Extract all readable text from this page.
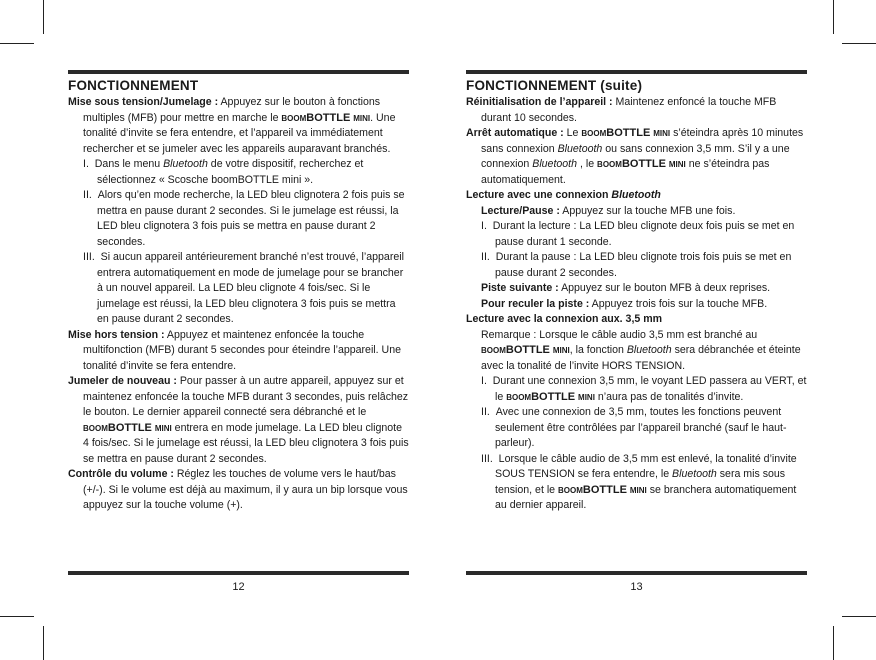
FONCTIONNEMENT

Mise sous tension/Jumelage : Appuyez sur le bouton à fonctions multiples (MFB) pour mettre en marche le BOOMBOTTLE MINI. Une tonalité d’invite se fera entendre, et l’appareil va immédiatement rechercher et se jumeler avec les appareils auparavant branchés.

I. Dans le menu Bluetooth de votre dispositif, recherchez et sélectionnez « Scosche boomBOTTLE mini ».

II. Alors qu’en mode recherche, la LED bleu clignotera 2 fois puis se mettra en pause durant 2 secondes. Si le jumelage est réussi, la LED bleu clignotera 3 fois puis se mettra en pause durant 2 secondes.

III. Si aucun appareil antérieurement branché n’est trouvé, l’appareil entrera automatiquement en mode de jumelage pour se brancher à un nouvel appareil. La LED bleu clignote 4 fois/sec. Si le jumelage est réussi, la LED bleu clignotera 3 fois puis se mettra en pause durant 2 secondes.

Mise hors tension : Appuyez et maintenez enfoncée la touche multifonction (MFB) durant 5 secondes pour éteindre l’appareil. Une tonalité d’invite se fera entendre.

Jumeler de nouveau : Pour passer à un autre appareil, appuyez sur et maintenez enfoncée la touche MFB durant 3 secondes, puis relâchez le bouton. Le dernier appareil connecté sera débranché et le BOOMBOTTLE MINI entrera en mode jumelage. La LED bleu clignote 4 fois/sec. Si le jumelage est réussi, la LED bleu clignotera 3 fois puis se mettra en pause durant 2 secondes.

Contrôle du volume : Réglez les touches de volume vers le haut/bas (+/-). Si le volume est déjà au maximum, il y aura un bip lorsque vous appuyez sur la touche volume (+).

12
FONCTIONNEMENT (suite)

Réinitialisation de l’appareil : Maintenez enfoncé la touche MFB durant 10 secondes.

Arrêt automatique : Le BOOMBOTTLE MINI s’éteindra après 10 minutes sans connexion Bluetooth ou sans connexion 3,5 mm. S’il y a une connexion Bluetooth , le BOOMBOTTLE MINI ne s’éteindra pas automatiquement.

Lecture avec une connexion Bluetooth

Lecture/Pause : Appuyez sur la touche MFB une fois.

I. Durant la lecture : La LED bleu clignote deux fois puis se met en pause durant 1 seconde.

II. Durant la pause : La LED bleu clignote trois fois puis se met en pause durant 2 secondes.

Piste suivante : Appuyez sur le bouton MFB à deux reprises.

Pour reculer la piste : Appuyez trois fois sur la touche MFB.

Lecture avec la connexion aux. 3,5 mm

Remarque : Lorsque le câble audio 3,5 mm est branché au BOOMBOTTLE MINI, la fonction Bluetooth sera débranchée et éteinte avec la tonalité de l’invite HORS TENSION.

I. Durant une connexion 3,5 mm, le voyant LED passera au VERT, et le BOOMBOTTLE MINI n’aura pas de tonalités d’invite.

II. Avec une connexion de 3,5 mm, toutes les fonctions peuvent seulement être contrôlées par l’appareil branché (sauf le haut-parleur).

III. Lorsque le câble audio de 3,5 mm est enlevé, la tonalité d’invite SOUS TENSION se fera entendre, le Bluetooth sera mis sous tension, et le BOOMBOTTLE MINI se branchera automatiquement au dernier appareil.

13
